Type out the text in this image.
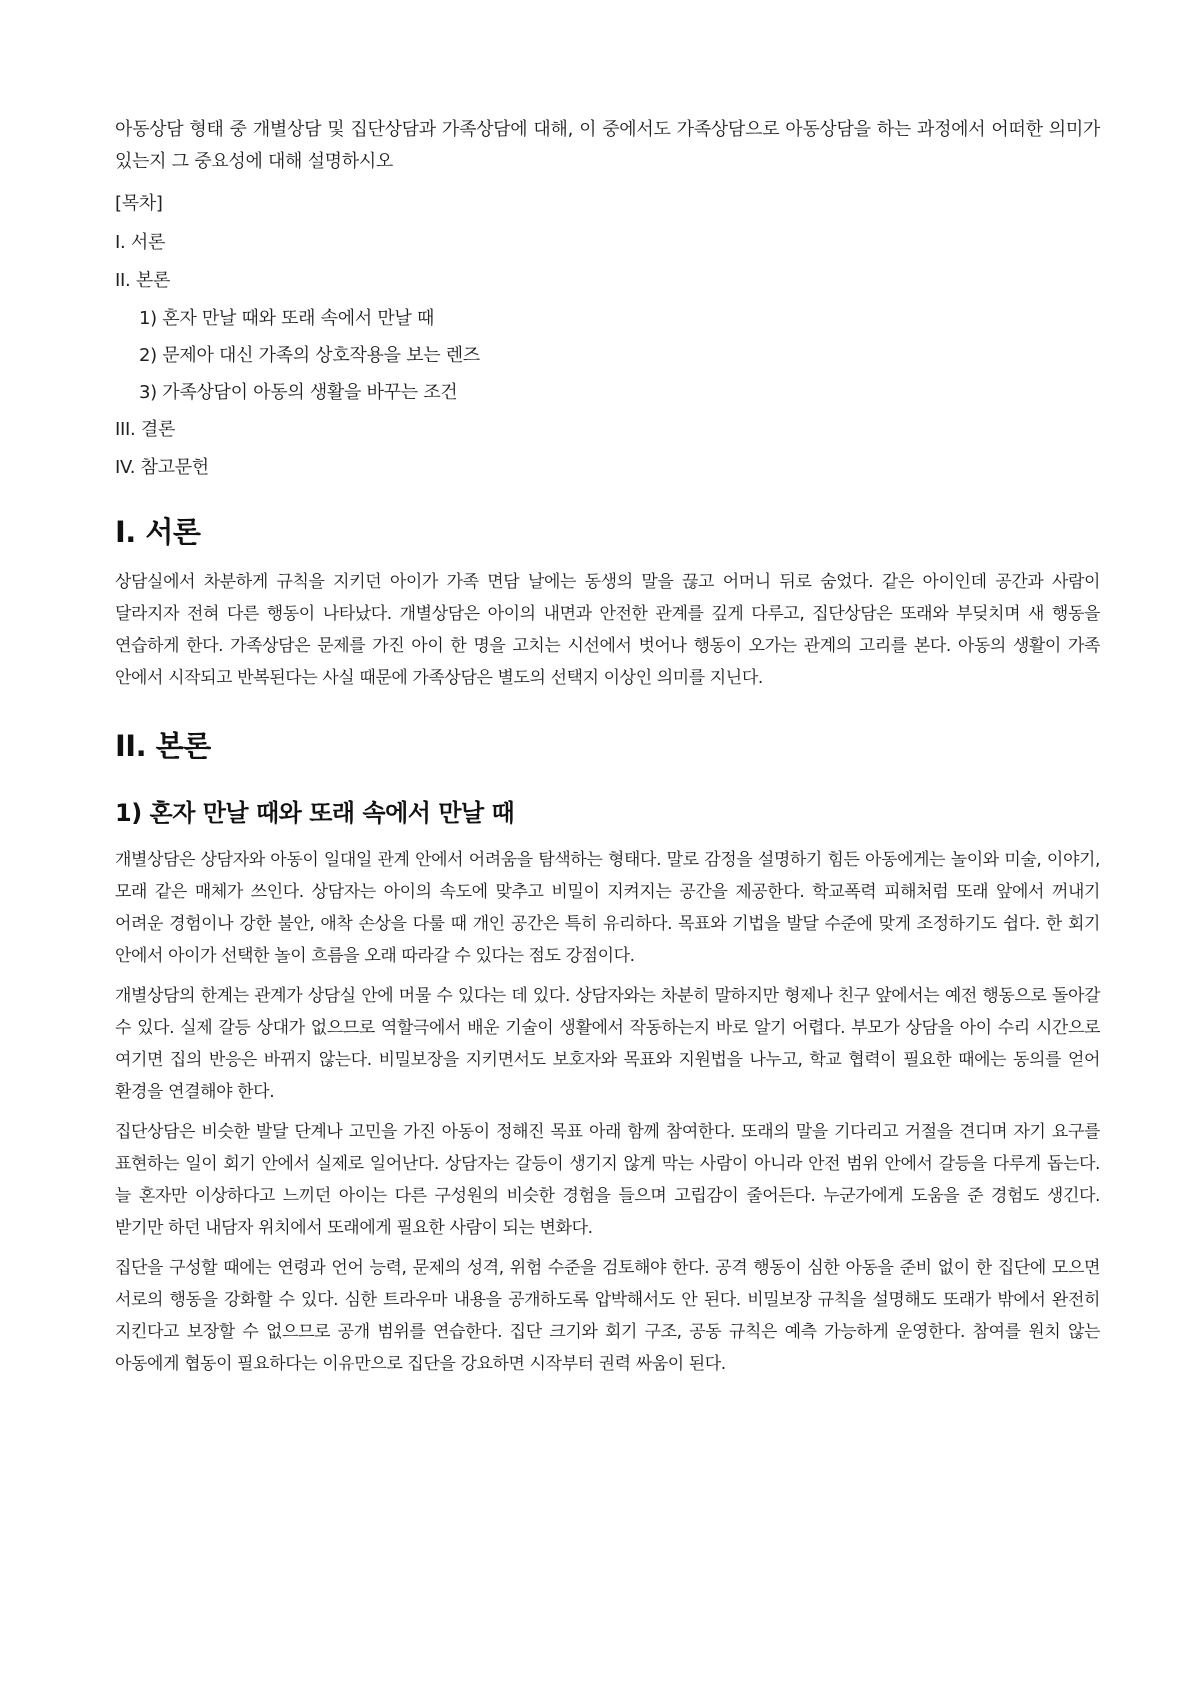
아동상담 형태 중 개별상담 및 집단상담과 가족상담에 대해, 이 중에서도 가족상담으로 아동상담을 하는 과정에서 어떠한 의미가 있는지 그 중요성에 대해 설명하시오

[목차]
I. 서론
II. 본론
1) 혼자 만날 때와 또래 속에서 만날 때
2) 문제아 대신 가족의 상호작용을 보는 렌즈
3) 가족상담이 아동의 생활을 바꾸는 조건
III. 결론
IV. 참고문헌
I. 서론

상담실에서 차분하게 규칙을 지키던 아이가 가족 면담 날에는 동생의 말을 끊고 어머니 뒤로 숨었다. 같은 아이인데 공간과 사람이 달라지자 전혀 다른 행동이 나타났다. 개별상담은 아이의 내면과 안전한 관계를 깊게 다루고, 집단상담은 또래와 부딪치며 새 행동을 연습하게 한다. 가족상담은 문제를 가진 아이 한 명을 고치는 시선에서 벗어나 행동이 오가는 관계의 고리를 본다. 아동의 생활이 가족 안에서 시작되고 반복된다는 사실 때문에 가족상담은 별도의 선택지 이상인 의미를 지닌다.

II. 본론
1) 혼자 만날 때와 또래 속에서 만날 때

개별상담은 상담자와 아동이 일대일 관계 안에서 어려움을 탐색하는 형태다. 말로 감정을 설명하기 힘든 아동에게는 놀이와 미술, 이야기, 모래 같은 매체가 쓰인다. 상담자는 아이의 속도에 맞추고 비밀이 지켜지는 공간을 제공한다. 학교폭력 피해처럼 또래 앞에서 꺼내기 어려운 경험이나 강한 불안, 애착 손상을 다룰 때 개인 공간은 특히 유리하다. 목표와 기법을 발달 수준에 맞게 조정하기도 쉽다. 한 회기 안에서 아이가 선택한 놀이 흐름을 오래 따라갈 수 있다는 점도 강점이다.

개별상담의 한계는 관계가 상담실 안에 머물 수 있다는 데 있다. 상담자와는 차분히 말하지만 형제나 친구 앞에서는 예전 행동으로 돌아갈 수 있다. 실제 갈등 상대가 없으므로 역할극에서 배운 기술이 생활에서 작동하는지 바로 알기 어렵다. 부모가 상담을 아이 수리 시간으로 여기면 집의 반응은 바뀌지 않는다. 비밀보장을 지키면서도 보호자와 목표와 지원법을 나누고, 학교 협력이 필요한 때에는 동의를 얻어 환경을 연결해야 한다.

집단상담은 비슷한 발달 단계나 고민을 가진 아동이 정해진 목표 아래 함께 참여한다. 또래의 말을 기다리고 거절을 견디며 자기 요구를 표현하는 일이 회기 안에서 실제로 일어난다. 상담자는 갈등이 생기지 않게 막는 사람이 아니라 안전 범위 안에서 갈등을 다루게 돕는다. 늘 혼자만 이상하다고 느끼던 아이는 다른 구성원의 비슷한 경험을 들으며 고립감이 줄어든다. 누군가에게 도움을 준 경험도 생긴다. 받기만 하던 내담자 위치에서 또래에게 필요한 사람이 되는 변화다.

집단을 구성할 때에는 연령과 언어 능력, 문제의 성격, 위험 수준을 검토해야 한다. 공격 행동이 심한 아동을 준비 없이 한 집단에 모으면 서로의 행동을 강화할 수 있다. 심한 트라우마 내용을 공개하도록 압박해서도 안 된다. 비밀보장 규칙을 설명해도 또래가 밖에서 완전히 지킨다고 보장할 수 없으므로 공개 범위를 연습한다. 집단 크기와 회기 구조, 공동 규칙은 예측 가능하게 운영한다. 참여를 원치 않는 아동에게 협동이 필요하다는 이유만으로 집단을 강요하면 시작부터 권력 싸움이 된다.
